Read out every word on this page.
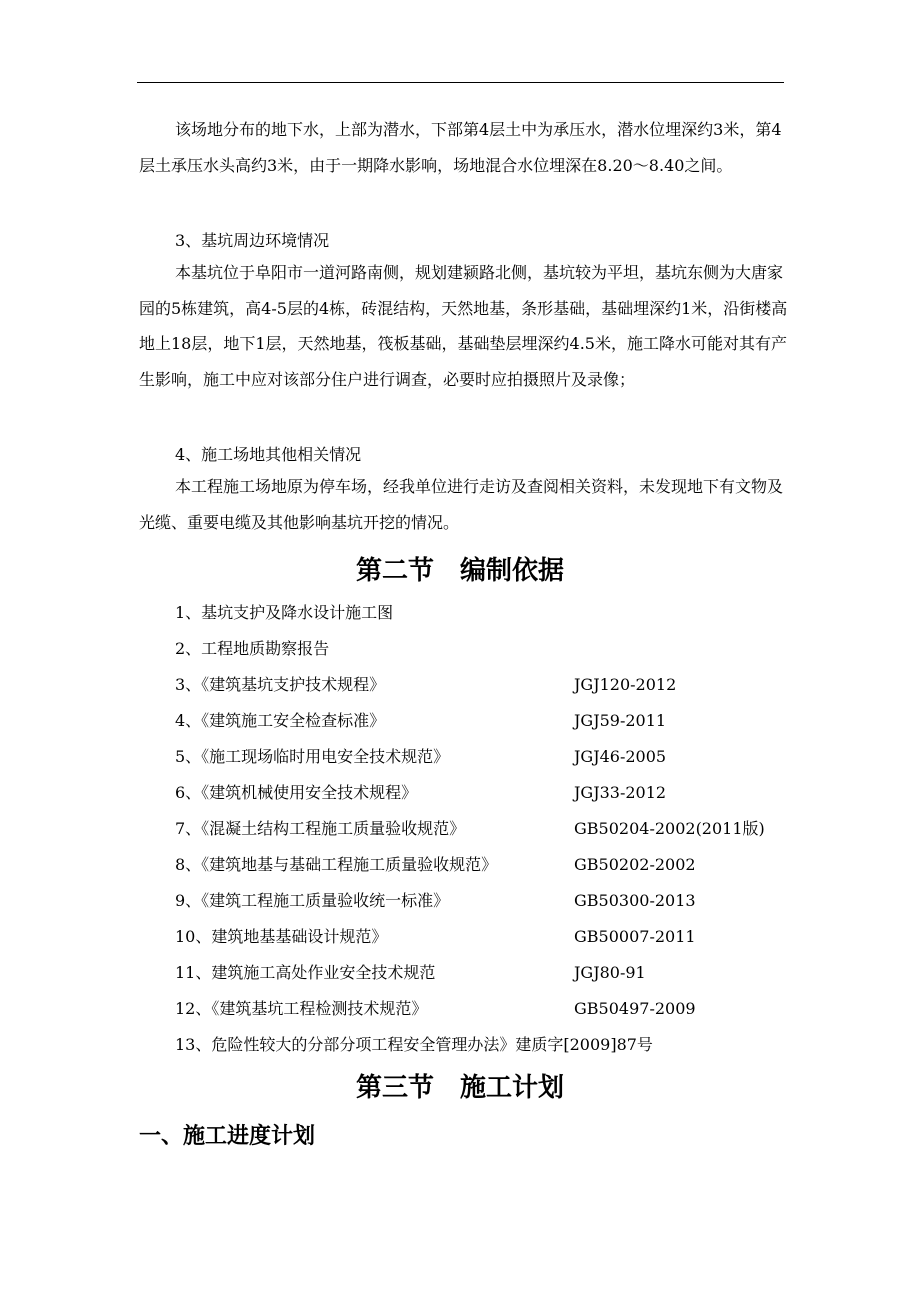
该场地分布的地下水，上部为潜水，下部第4层土中为承压水，潜水位埋深约3米，第4层土承压水头高约3米，由于一期降水影响，场地混合水位埋深在8.20～8.40之间。

3、基坑周边环境情况

本基坑位于阜阳市一道河路南侧，规划建颍路北侧，基坑较为平坦，基坑东侧为大唐家园的5栋建筑，高4-5层的4栋，砖混结构，天然地基，条形基础，基础埋深约1米，沿街楼高地上18层，地下1层，天然地基，筏板基础，基础垫层埋深约4.5米，施工降水可能对其有产生影响，施工中应对该部分住户进行调查，必要时应拍摄照片及录像；

4、施工场地其他相关情况

本工程施工场地原为停车场，经我单位进行走访及查阅相关资料，未发现地下有文物及光缆、重要电缆及其他影响基坑开挖的情况。

第二节　编制依据
1、基坑支护及降水设计施工图
2、工程地质勘察报告
3、《建筑基坑支护技术规程》	JGJ120-2012
4、《建筑施工安全检查标准》	JGJ59-2011
5、《施工现场临时用电安全技术规范》	JGJ46-2005
6、《建筑机械使用安全技术规程》	JGJ33-2012
7、《混凝土结构工程施工质量验收规范》	GB50204-2002(2011版)
8、《建筑地基与基础工程施工质量验收规范》	GB50202-2002
9、《建筑工程施工质量验收统一标准》	GB50300-2013
10、建筑地基基础设计规范》	GB50007-2011
11、建筑施工高处作业安全技术规范	JGJ80-91
12、《建筑基坑工程检测技术规范》	GB50497-2009
13、危险性较大的分部分项工程安全管理办法》建质字[2009]87号
第三节　施工计划
一、施工进度计划
